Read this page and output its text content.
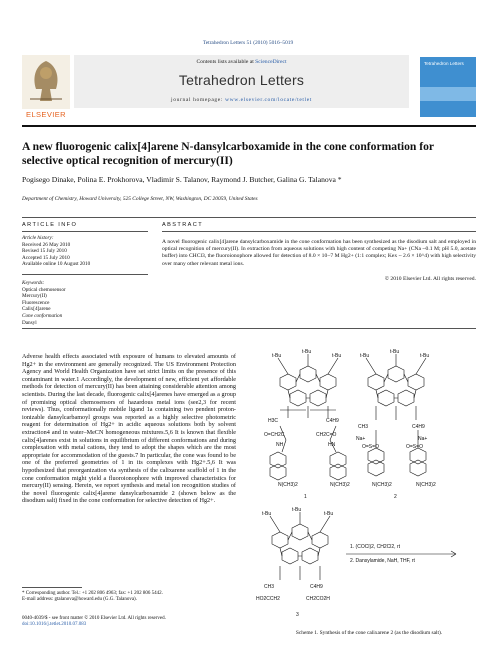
Tetrahedron Letters 51 (2010) 5016–5019
ELSEVIER
Contents lists available at ScienceDirect
Tetrahedron Letters
journal homepage: www.elsevier.com/locate/tetlet
Tetrahedron Letters
A new fluorogenic calix[4]arene N-dansylcarboxamide in the cone conformation for selective optical recognition of mercury(II)
Pogisego Dinake, Polina E. Prokhorova, Vladimir S. Talanov, Raymond J. Butcher, Galina G. Talanova *
Department of Chemistry, Howard University, 525 College Street, NW, Washington, DC 20059, United States
ARTICLE INFO
Article history:
Received 26 May 2010
Revised 15 July 2010
Accepted 15 July 2010
Available online 10 August 2010
Keywords:
Optical chemosensor
Mercury(II)
Fluorescence
Calix[4]arene
Cone conformation
Dansyl
ABSTRACT
A novel fluorogenic calix[4]arene dansylcarboxamide in the cone conformation has been synthesized as the disodium salt and employed in optical recognition of mercury(II). In extraction from aqueous solutions with high content of competing Na+ (CNa ~0.1 M; pH 5.0, acetate buffer) into CHCl3, the fluoroionophore allowed for detection of 8.0 × 10−7 M Hg2+ (1:1 complex; Kex ~ 2.6 × 10^4) with high selectivity over many other relevant metal ions.
© 2010 Elsevier Ltd. All rights reserved.
Adverse health effects associated with exposure of humans to elevated amounts of Hg2+ in the environment are generally recognized. The US Environment Protection Agency and World Health Organization have set strict limits on the presence of this contaminant in water.1 Accordingly, the development of new, efficient yet affordable methods for detection of mercury(II) has been attaining considerable attention among scientists. During the last decade, fluorogenic calix[4]arenes have emerged as a group of promising optical chemosensors of hazardous metal ions (see2,3 for recent reviews). Thus, conformationally mobile ligand 1a containing two pendent proton-ionizable dansylcarbamoyl groups was reported as a highly selective photometric reagent for determination of Hg2+ in acidic aqueous solutions both by solvent extraction4 and in water–MeCN homogeneous mixtures.5,6 It is known that flexible calix[4]arenes exist in solutions in equilibrium of different conformations and during complexation with metal cations, they tend to adopt the shapes which are the most appropriate for accommodation of the guests.7 In particular, the cone was found to be one of the preferred geometries of 1 in its complexes with Hg2+.5,6 It was hypothesized that preorganization via synthesis of the calixarene scaffold of 1 in the cone conformation might yield a fluoroionophore with improved characteristics for mercury(II) sensing. Herein, we report synthesis and metal ion recognition studies of the novel fluorogenic calix[4]arene dansylcarboxamide 2 (shown below as the disodium salt) fixed in the cone conformation for selective detection of Hg2+.
* Corresponding author. Tel.: +1 202 806 4963; fax: +1 202 806 5442.
E-mail address: gtalanova@howard.edu (G.G. Talanova).
0040-4039/$ - see front matter © 2010 Elsevier Ltd. All rights reserved.
doi:10.1016/j.tetlet.2010.07.083
t-Bu
t-Bu
t-Bu
H3C	C4H9
O=CH2C	CH2C=O
NH	HN
N(CH3)2	N(CH3)2
1
t-Bu
t-Bu
t-Bu
CH3	C4H9
Na+	Na+
O=S=O	O=S=O
N(CH3)2	N(CH3)2
2
t-Bu
t-Bu
t-Bu
CH3	C4H9
HO2CCH2	CH2CO2H
3
1. (COCl)2, CH2Cl2, rt
2. Dansylamide, NaH, THF, rt
Scheme 1. Synthesis of the cone calixarene 2 (as the disodium salt).
